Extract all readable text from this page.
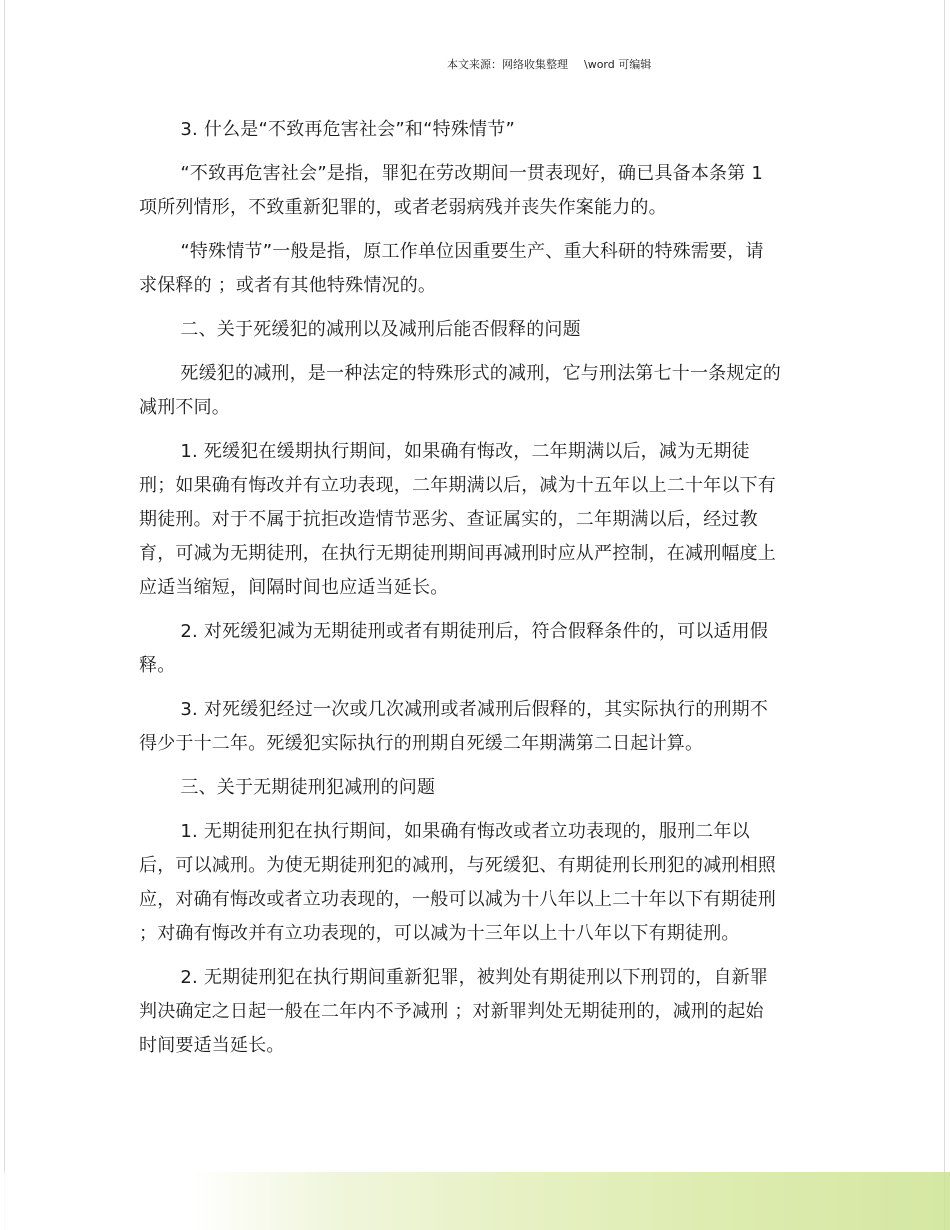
本文来源：网络收集整理 \word 可编辑

3. 什么是“不致再危害社会”和“特殊情节”

“不致再危害社会”是指，罪犯在劳改期间一贯表现好，确已具备本条第 1 项所列情形，不致重新犯罪的，或者老弱病残并丧失作案能力的。

“特殊情节”一般是指，原工作单位因重要生产、重大科研的特殊需要，请求保释的 ；或者有其他特殊情况的。

二、关于死缓犯的减刑以及减刑后能否假释的问题

死缓犯的减刑，是一种法定的特殊形式的减刑，它与刑法第七十一条规定的减刑不同。

1. 死缓犯在缓期执行期间，如果确有悔改，二年期满以后，减为无期徒刑；如果确有悔改并有立功表现，二年期满以后，减为十五年以上二十年以下有期徒刑。对于不属于抗拒改造情节恶劣、查证属实的，二年期满以后，经过教育，可减为无期徒刑，在执行无期徒刑期间再减刑时应从严控制，在减刑幅度上应适当缩短，间隔时间也应适当延长。

2. 对死缓犯减为无期徒刑或者有期徒刑后，符合假释条件的，可以适用假释。

3. 对死缓犯经过一次或几次减刑或者减刑后假释的，其实际执行的刑期不得少于十二年。死缓犯实际执行的刑期自死缓二年期满第二日起计算。

三、关于无期徒刑犯减刑的问题

1. 无期徒刑犯在执行期间，如果确有悔改或者立功表现的，服刑二年以后，可以减刑。为使无期徒刑犯的减刑，与死缓犯、有期徒刑长刑犯的减刑相照应，对确有悔改或者立功表现的，一般可以减为十八年以上二十年以下有期徒刑 ；对确有悔改并有立功表现的，可以减为十三年以上十八年以下有期徒刑。

2. 无期徒刑犯在执行期间重新犯罪，被判处有期徒刑以下刑罚的，自新罪判决确定之日起一般在二年内不予减刑 ；对新罪判处无期徒刑的，减刑的起始时间要适当延长。
